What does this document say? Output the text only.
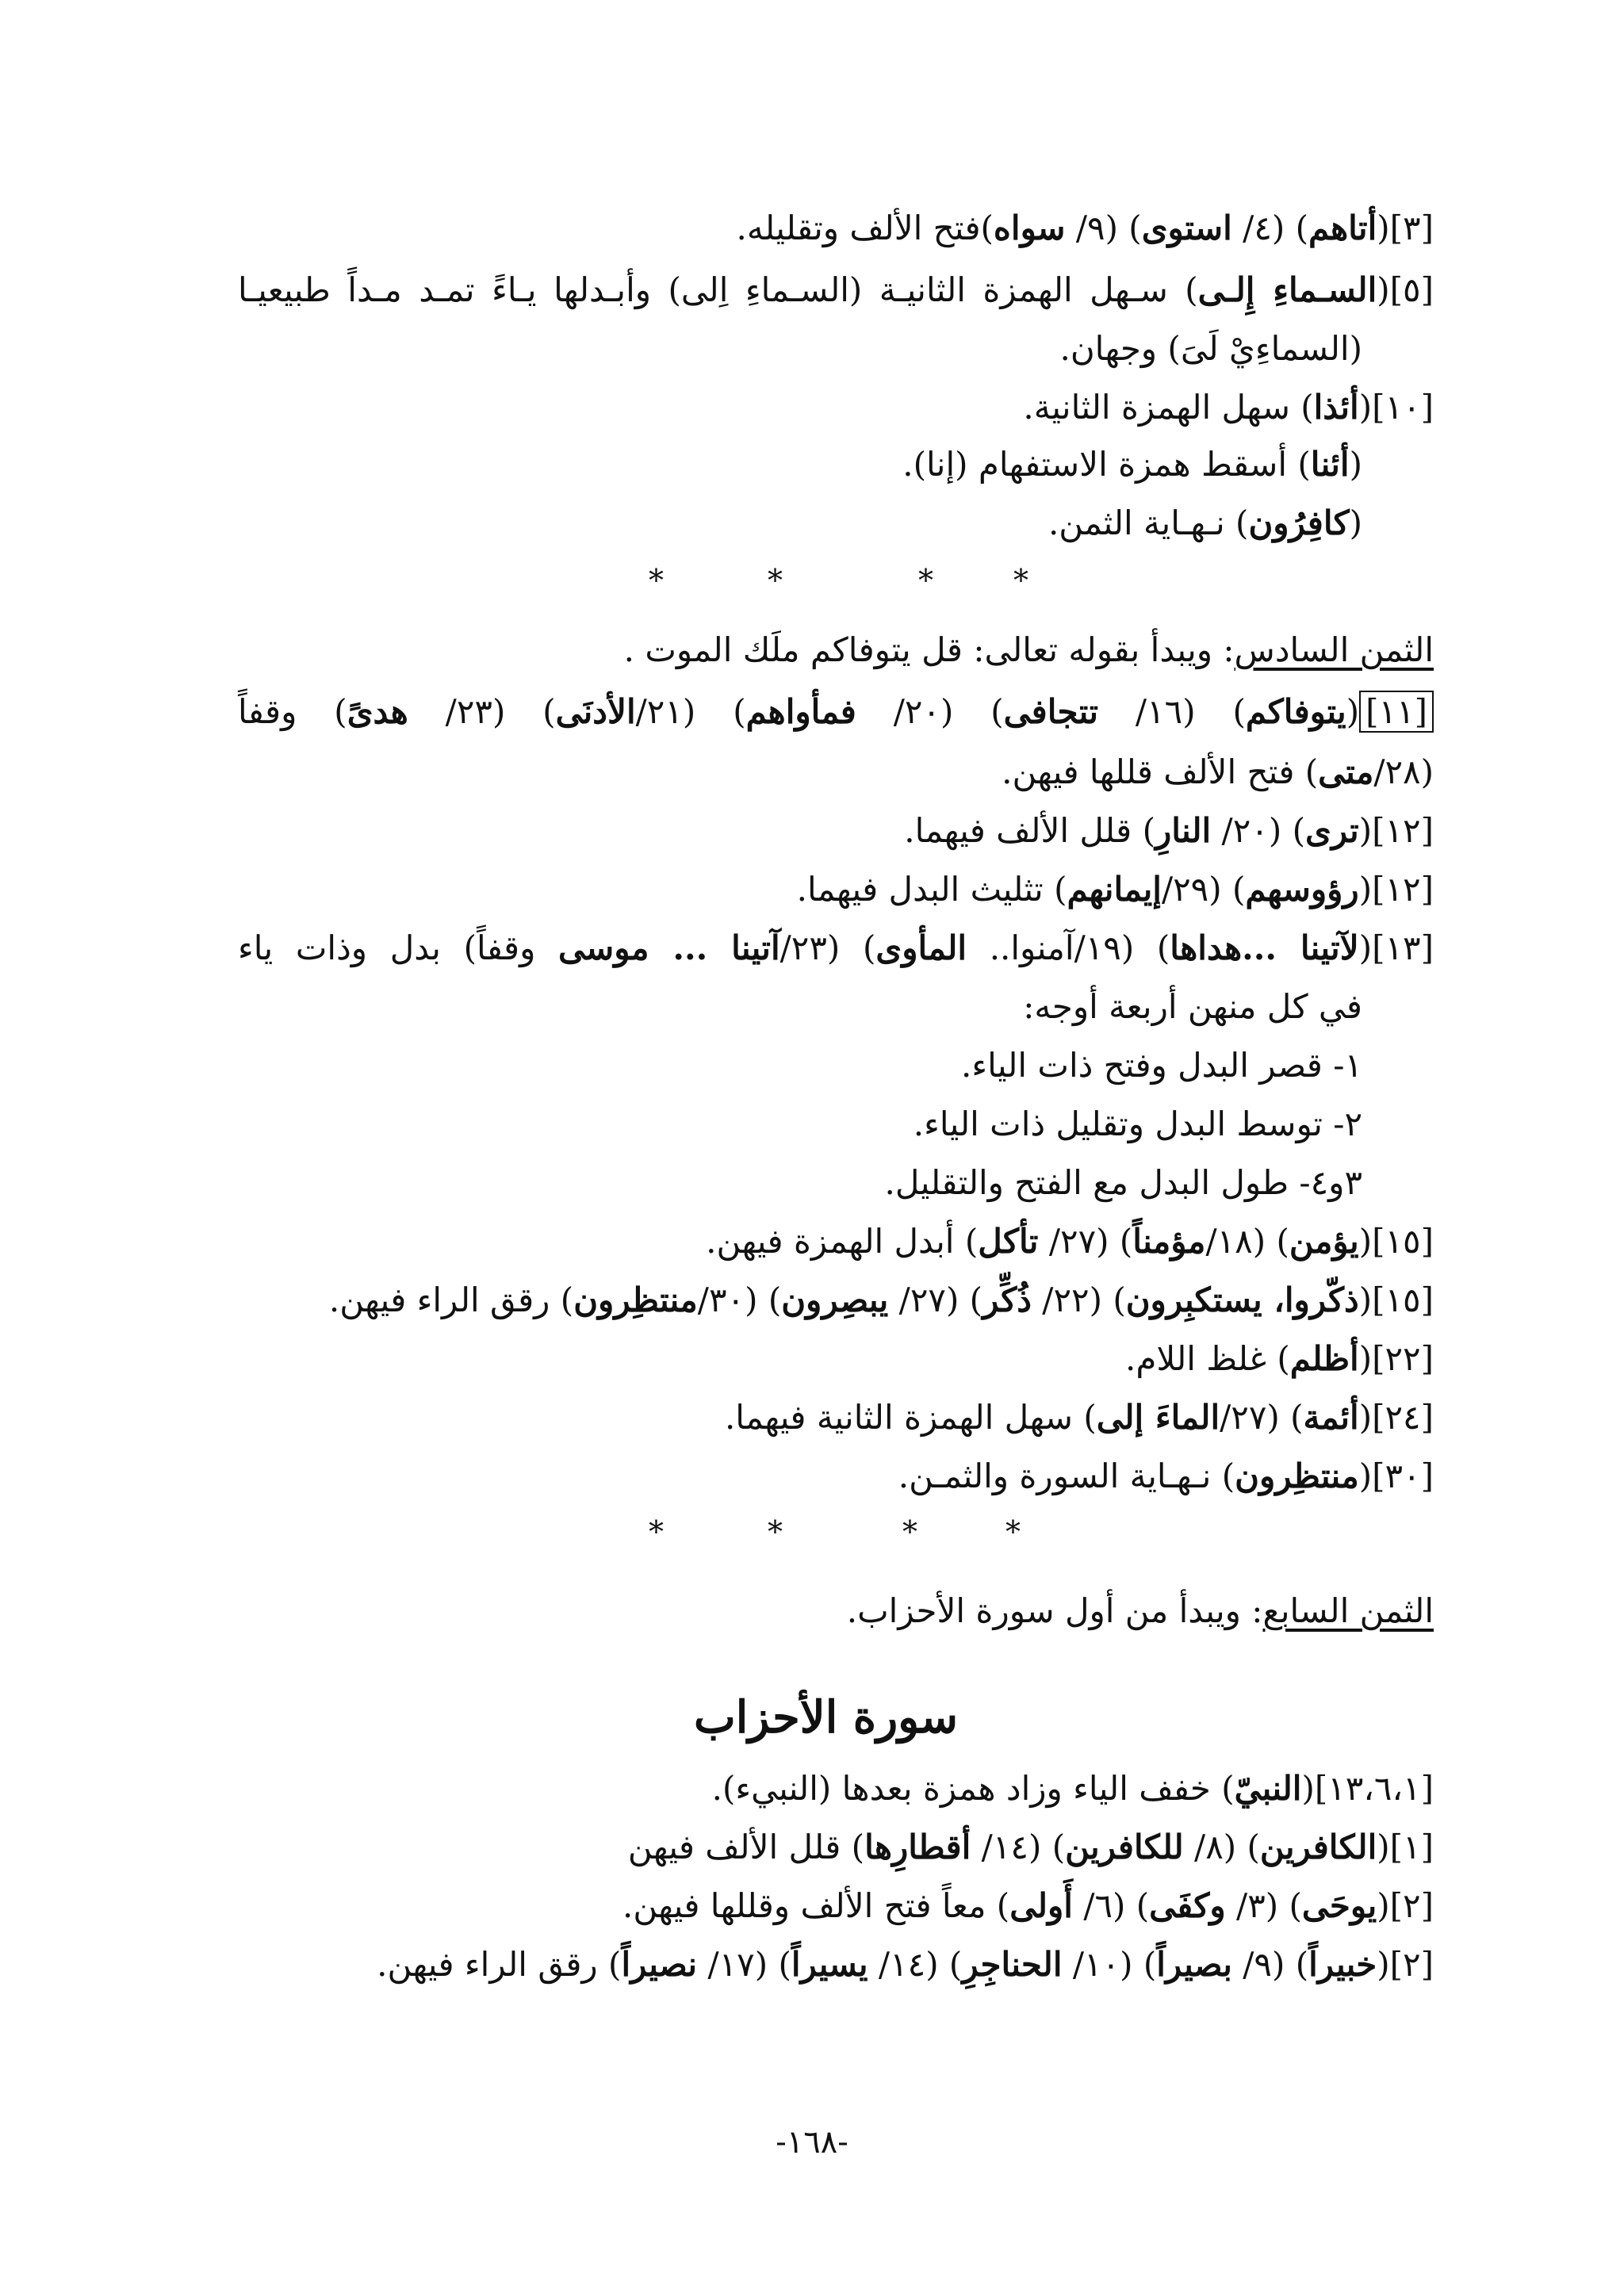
[٣](أتاهم) (٤/ استوى) (٩/ سواه)فتح الألف وتقليله.
[٥](السـماءِ إِلـى) سـهل الهمزة الثانيـة (السـماءِ اِلى) وأبـدلها يـاءً تمـد مـداً طبيعيـا
(السماءِيْ لَىَ) وجهان.
[١٠](أئذا) سهل الهمزة الثانية.
(أئنا) أسقط همزة الاستفهام (إنا).
(كافِرُون) نـهـاية الثمن.
*	*	*	*
الثمن السادس: ويبدأ بقوله تعالى: قل يتوفاكم ملَك الموت .
[١١](يتوفاكم) (١٦/ تتجافى) (٢٠/ فمأواهم) (٢١/الأدنَى) (٢٣/ هدىً) وقفاً
(٢٨/متى) فتح الألف قللها فيهن.
[١٢](ترى) (٢٠/ النارِ) قلل الألف فيهما.
[١٢](رؤوسهم) (٢٩/إيمانهم) تثليث البدل فيهما.
[١٣](لآتينا ...هداها) (١٩/آمنوا.. المأوى) (٢٣/آتينا ... موسى وقفاً) بدل وذات ياء
في كل منهن أربعة أوجه:
١- قصر البدل وفتح ذات الياء.
٢- توسط البدل وتقليل ذات الياء.
٣و٤- طول البدل مع الفتح والتقليل.
[١٥](يؤمن) (١٨/مؤمناً) (٢٧/ تأكل) أبدل الهمزة فيهن.
[١٥](ذكّروا، يستكبِرون) (٢٢/ ذُكِّر) (٢٧/ يبصِرون) (٣٠/منتظِرون) رقق الراء فيهن.
[٢٢](أظلم) غلظ اللام.
[٢٤](أئمة) (٢٧/الماءَ إلى) سهل الهمزة الثانية فيهما.
[٣٠](منتظِرون) نـهـاية السورة والثمـن.
*	*	*	*
الثمن السابع: ويبدأ من أول سورة الأحزاب.
سورة الأحزاب
[١٣،٦،١](النبيّ) خفف الياء وزاد همزة بعدها (النبيء).
[١](الكافرين) (٨/ للكافرين) (١٤/ أقطارِها) قلل الألف فيهن
[٢](يوحَى) (٣/ وكفَى) (٦/ أَولى) معاً فتح الألف وقللها فيهن.
[٢](خبيراً) (٩/ بصيراً) (١٠/ الحناجِرِ) (١٤/ يسيراً) (١٧/ نصيراً) رقق الراء فيهن.
-١٦٨-
